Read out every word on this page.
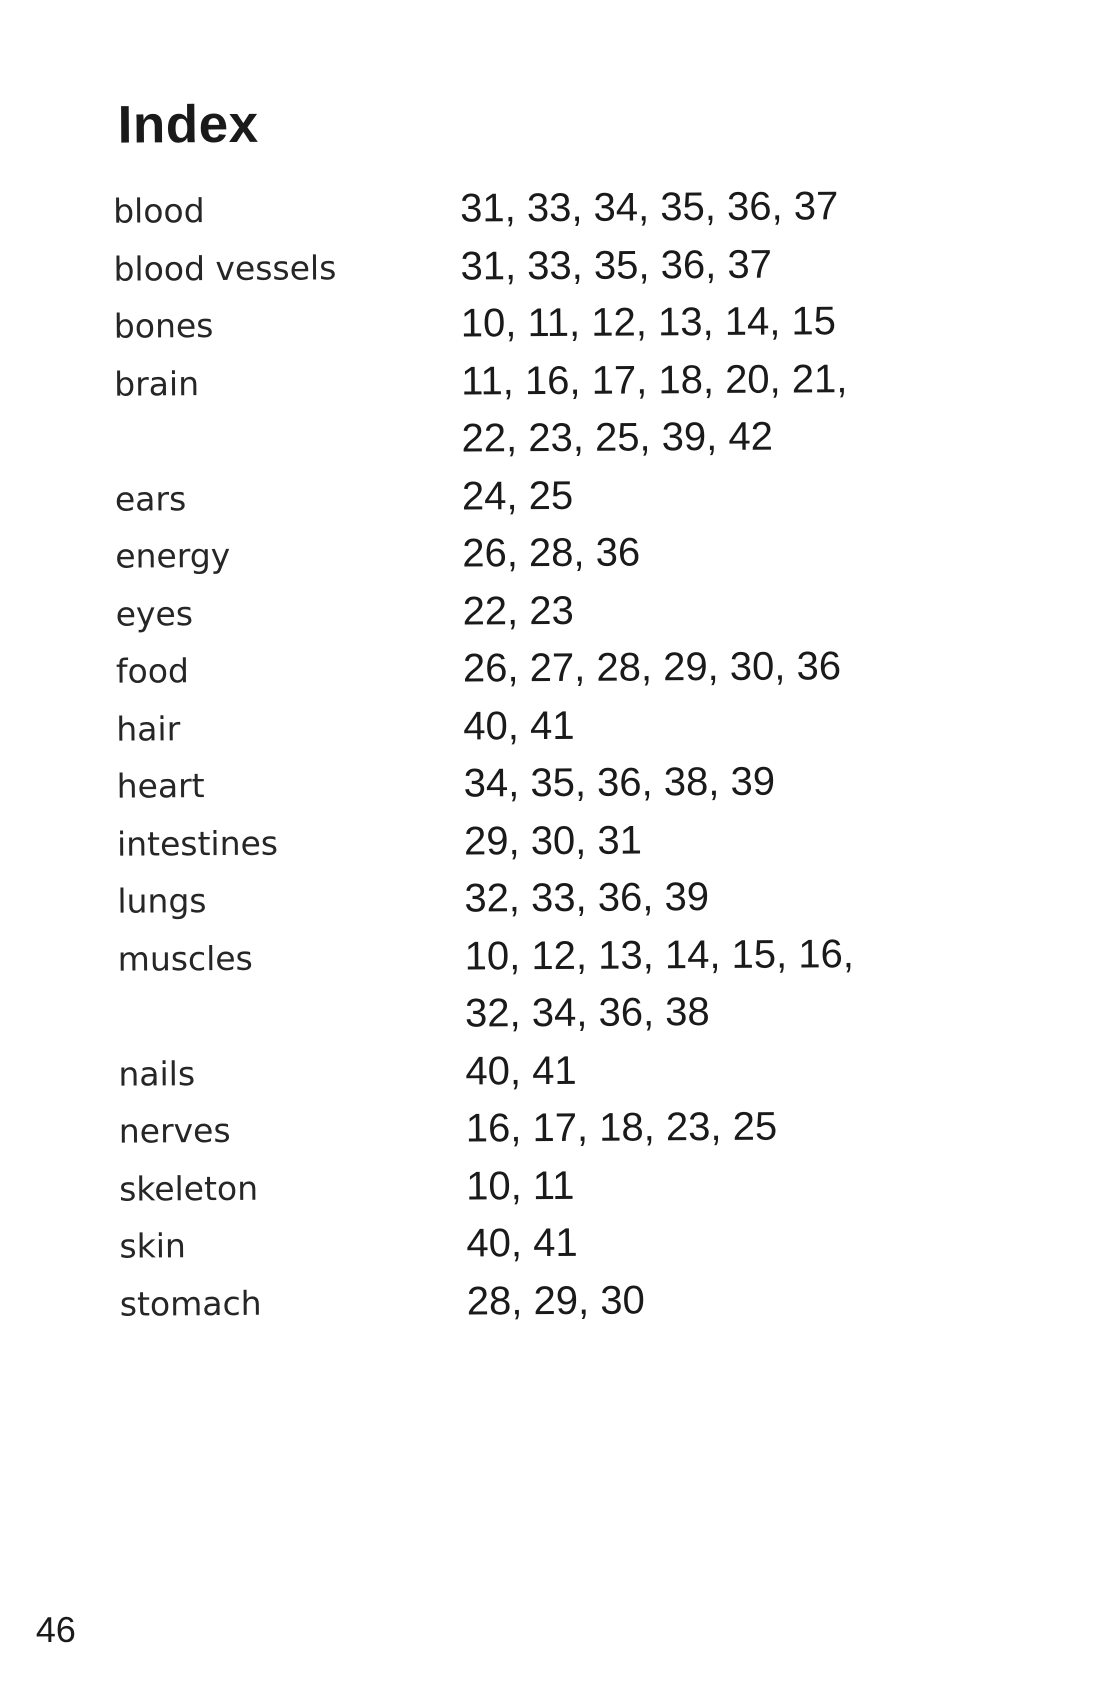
Index
blood	31, 33, 34, 35, 36, 37
blood vessels	31, 33, 35, 36, 37
bones	10, 11, 12, 13, 14, 15
brain	11, 16, 17, 18, 20, 21, 22, 23, 25, 39, 42
ears	24, 25
energy	26, 28, 36
eyes	22, 23
food	26, 27, 28, 29, 30, 36
hair	40, 41
heart	34, 35, 36, 38, 39
intestines	29, 30, 31
lungs	32, 33, 36, 39
muscles	10, 12, 13, 14, 15, 16, 32, 34, 36, 38
nails	40, 41
nerves	16, 17, 18, 23, 25
skeleton	10, 11
skin	40, 41
stomach	28, 29, 30
46
